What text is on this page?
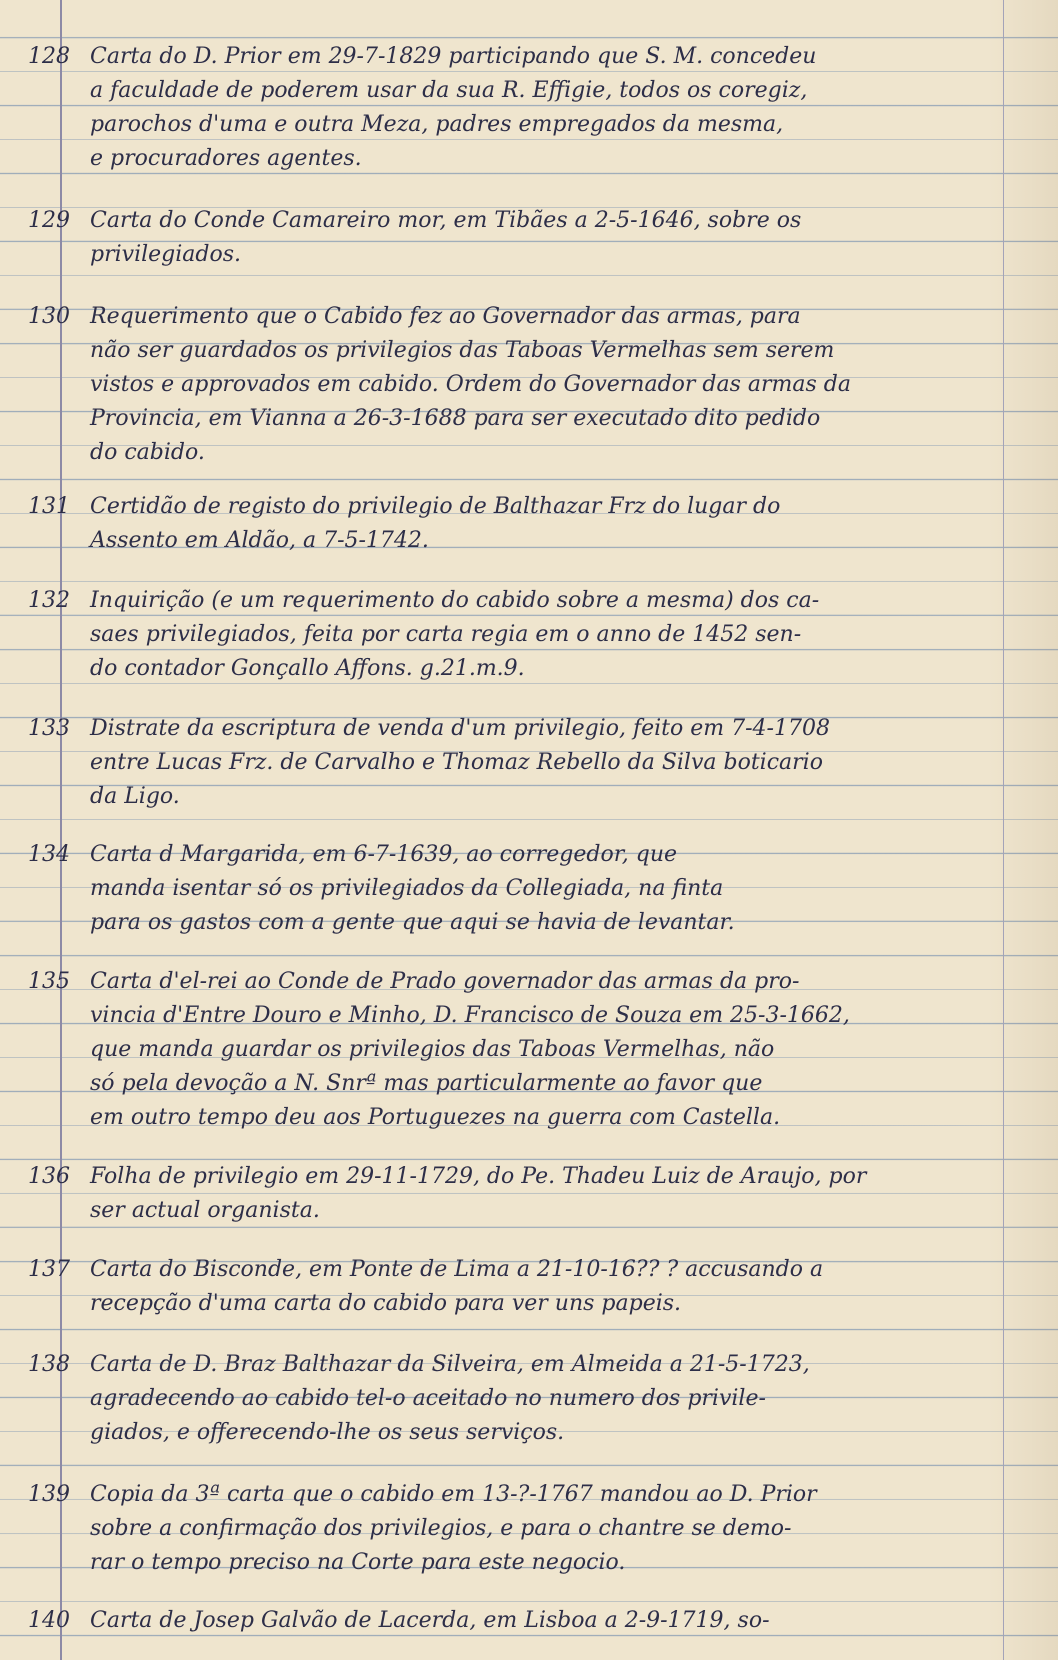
128 Carta do D. Prior em 29-7-1829 participando que S. M. concedeu
a faculdade de poderem usar da sua R. Effigie, todos os coregiz,
parochos d'uma e outra Meza, padres empregados da mesma,
e procuradores agentes.
129 Carta do Conde Camareiro mor, em Tibães a 2-5-1646, sobre os
privilegiados.
130 Requerimento que o Cabido fez ao Governador das armas, para
não ser guardados os privilegios das Taboas Vermelhas sem serem
vistos e approvados em cabido. Ordem do Governador das armas da
Provincia, em Vianna a 26-3-1688 para ser executado dito pedido
do cabido.
131 Certidão de registo do privilegio de Balthazar Frz do lugar do
Assento em Aldão, a 7-5-1742.
132 Inquirição (e um requerimento do cabido sobre a mesma) dos ca-
saes privilegiados, feita por carta regia em o anno de 1452 sen-
do contador Gonçallo Affons. g.21.m.9.
133 Distrate da escriptura de venda d'um privilegio, feito em 7-4-1708
entre Lucas Frz. de Carvalho e Thomaz Rebello da Silva boticario
da Ligo.
134 Carta d Margarida, em 6-7-1639, ao corregedor, que
manda isentar só os privilegiados da Collegiada, na finta
para os gastos com a gente que aqui se havia de levantar.
135 Carta d'el-rei ao Conde de Prado governador das armas da pro-
vincia d'Entre Douro e Minho, D. Francisco de Souza em 25-3-1662,
que manda guardar os privilegios das Taboas Vermelhas, não
só pela devoção a N. Snrª mas particularmente ao favor que
em outro tempo deu aos Portuguezes na guerra com Castella.
136 Folha de privilegio em 29-11-1729, do Pe. Thadeu Luiz de Araujo, por
ser actual organista.
137 Carta do Bisconde, em Ponte de Lima a 21-10-16?? ? accusando a
recepção d'uma carta do cabido para ver uns papeis.
138 Carta de D. Braz Balthazar da Silveira, em Almeida a 21-5-1723,
agradecendo ao cabido tel-o aceitado no numero dos privile-
giados, e offerecendo-lhe os seus serviços.
139 Copia da 3ª carta que o cabido em 13-?-1767 mandou ao D. Prior
sobre a confirmação dos privilegios, e para o chantre se demo-
rar o tempo preciso na Corte para este negocio.
140 Carta de Josep Galvão de Lacerda, em Lisboa a 2-9-1719, so-
